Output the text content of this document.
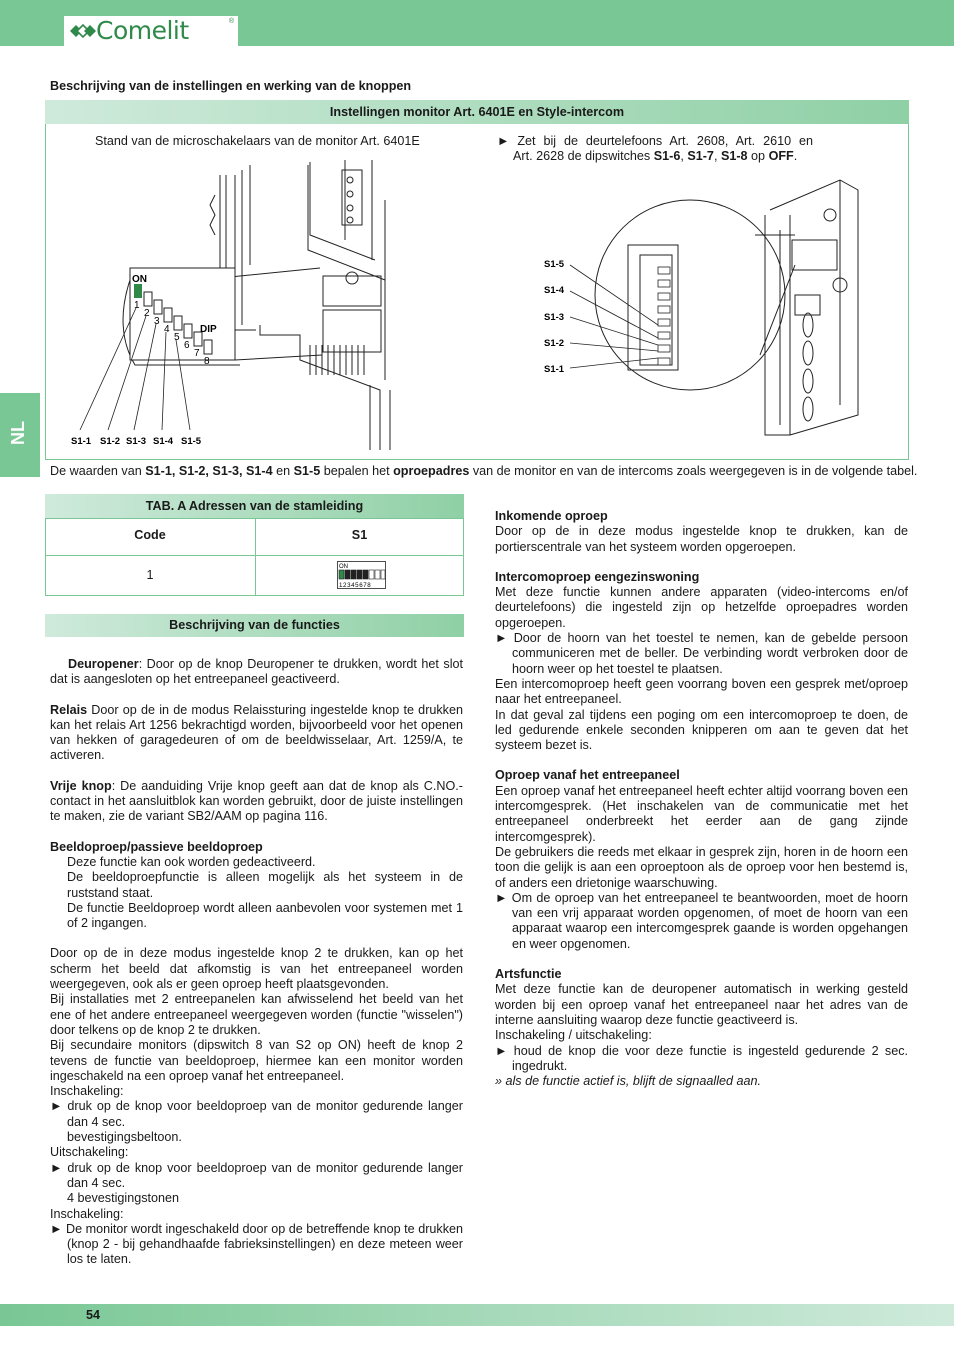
Comelit	®
NL
Beschrijving van de instellingen en werking van de knoppen
Instellingen monitor Art. 6401E en Style-intercom
Stand van de microschakelaars van de monitor Art. 6401E	► Zet bij de deurtelefoons Art. 2608, Art. 2610 en
Art. 2628 de dipswitches S1-6, S1-7, S1-8 op OFF.
ON
DIP
1
2
3
4
5
6
7
8
S1-1 S1-2 S1-3 S1-4 S1-5
S1-5
S1-4
S1-3
S1-2
S1-1
De waarden van S1-1, S1-2, S1-3, S1-4 en S1-5 bepalen het oproepadres van de monitor en van de intercoms zoals weergegeven is in de volgende tabel.
TAB. A Adressen van de stamleiding
Code	S1
1
ON
12345678
Beschrijving van de functies

Deuropener: Door op de knop Deuropener te drukken, wordt het slot dat is aangesloten op het entreepaneel geactiveerd.

Relais Door op de in de modus Relaissturing ingestelde knop te drukken kan het relais Art 1256 bekrachtigd worden, bijvoorbeeld voor het openen van hekken of garagedeuren of om de beeldwisselaar, Art. 1259/A, te activeren.

Vrije knop: De aanduiding Vrije knop geeft aan dat de knop als C.NO.-contact in het aansluitblok kan worden gebruikt, door de juiste instellingen te maken, zie de variant SB2/AAM op pagina 116.

Beeldoproep/passieve beeldoproep

Deze functie kan ook worden gedeactiveerd.

De beeldoproepfunctie is alleen mogelijk als het systeem in de ruststand staat.

De functie Beeldoproep wordt alleen aanbevolen voor systemen met 1 of 2 ingangen.

Door op de in deze modus ingestelde knop 2 te drukken, kan op het scherm het beeld dat afkomstig is van het entreepaneel worden weergegeven, ook als er geen oproep heeft plaatsgevonden.

Bij installaties met 2 entreepanelen kan afwisselend het beeld van het ene of het andere entreepaneel weergegeven worden (functie "wisselen") door telkens op de knop 2 te drukken.

Bij secundaire monitors (dipswitch 8 van S2 op ON) heeft de knop 2 tevens de functie van beeldoproep, hiermee kan een monitor worden ingeschakeld na een oproep vanaf het entreepaneel.

Inschakeling:

► druk op de knop voor beeldoproep van de monitor gedurende langer dan 4 sec.

bevestigingsbeltoon.

Uitschakeling:

► druk op de knop voor beeldoproep van de monitor gedurende langer dan 4 sec.

4 bevestigingstonen

Inschakeling:

► De monitor wordt ingeschakeld door op de betreffende knop te drukken (knop 2 - bij gehandhaafde fabrieksinstellingen) en deze meteen weer los te laten.

Inkomende oproep

Door op de in deze modus ingestelde knop te drukken, kan de portierscentrale van het systeem worden opgeroepen.

Intercomoproep eengezinswoning

Met deze functie kunnen andere apparaten (video-intercoms en/of deurtelefoons) die ingesteld zijn op hetzelfde oproepadres worden opgeroepen.

► Door de hoorn van het toestel te nemen, kan de gebelde persoon communiceren met de beller. De verbinding wordt verbroken door de hoorn weer op het toestel te plaatsen.

Een intercomoproep heeft geen voorrang boven een gesprek met/oproep naar het entreepaneel.

In dat geval zal tijdens een poging om een intercomoproep te doen, de led gedurende enkele seconden knipperen om aan te geven dat het systeem bezet is.

Oproep vanaf het entreepaneel

Een oproep vanaf het entreepaneel heeft echter altijd voorrang boven een intercomgesprek. (Het inschakelen van de communicatie met het entreepaneel onderbreekt het eerder aan de gang zijnde intercomgesprek).

De gebruikers die reeds met elkaar in gesprek zijn, horen in de hoorn een toon die gelijk is aan een oproeptoon als de oproep voor hen bestemd is, of anders een drietonige waarschuwing.

► Om de oproep van het entreepaneel te beantwoorden, moet de hoorn van een vrij apparaat worden opgenomen, of moet de hoorn van een apparaat waarop een intercomgesprek gaande is worden opgehangen en weer opgenomen.

Artsfunctie

Met deze functie kan de deuropener automatisch in werking gesteld worden bij een oproep vanaf het entreepaneel naar het adres van de interne aansluiting waarop deze functie geactiveerd is.

Inschakeling / uitschakeling:

► houd de knop die voor deze functie is ingesteld gedurende 2 sec. ingedrukt.

» als de functie actief is, blijft de signaalled aan.

54
